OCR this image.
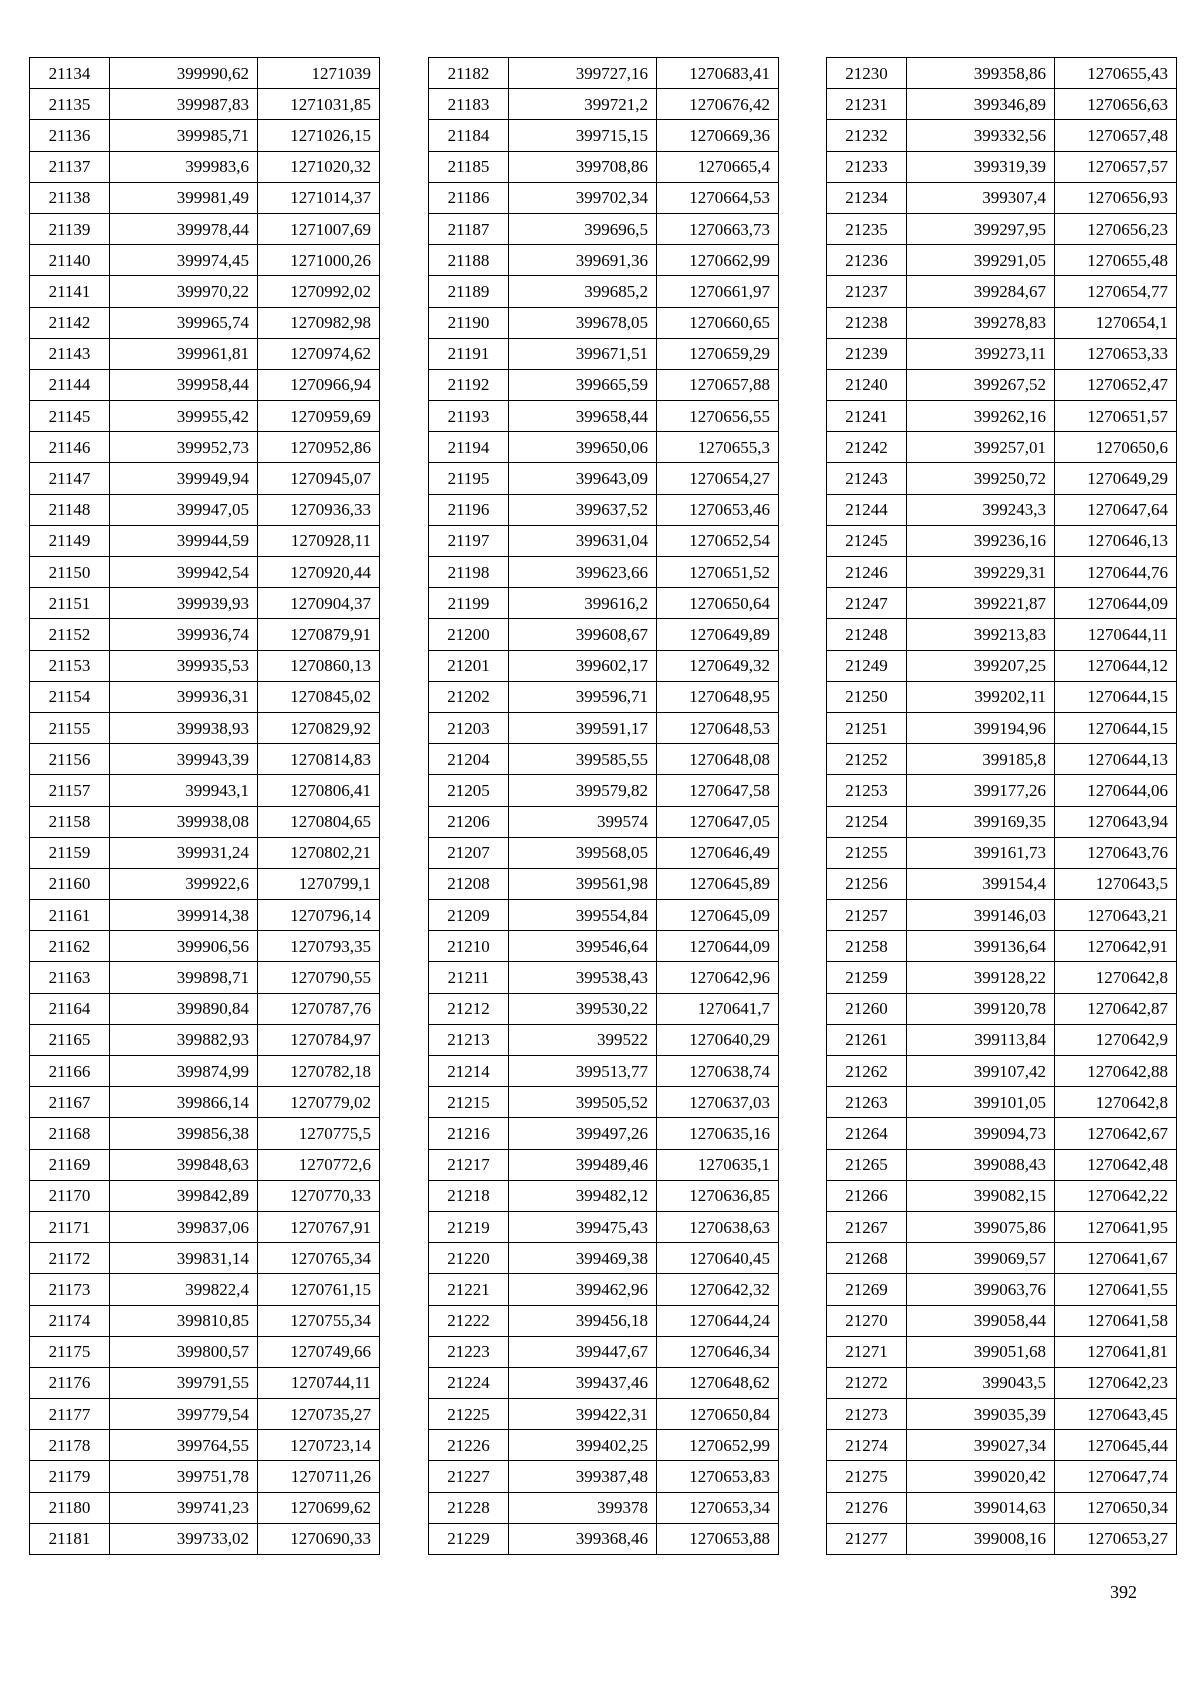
21134	399990,62	1271039
21135	399987,83	1271031,85
21136	399985,71	1271026,15
21137	399983,6	1271020,32
21138	399981,49	1271014,37
21139	399978,44	1271007,69
21140	399974,45	1271000,26
21141	399970,22	1270992,02
21142	399965,74	1270982,98
21143	399961,81	1270974,62
21144	399958,44	1270966,94
21145	399955,42	1270959,69
21146	399952,73	1270952,86
21147	399949,94	1270945,07
21148	399947,05	1270936,33
21149	399944,59	1270928,11
21150	399942,54	1270920,44
21151	399939,93	1270904,37
21152	399936,74	1270879,91
21153	399935,53	1270860,13
21154	399936,31	1270845,02
21155	399938,93	1270829,92
21156	399943,39	1270814,83
21157	399943,1	1270806,41
21158	399938,08	1270804,65
21159	399931,24	1270802,21
21160	399922,6	1270799,1
21161	399914,38	1270796,14
21162	399906,56	1270793,35
21163	399898,71	1270790,55
21164	399890,84	1270787,76
21165	399882,93	1270784,97
21166	399874,99	1270782,18
21167	399866,14	1270779,02
21168	399856,38	1270775,5
21169	399848,63	1270772,6
21170	399842,89	1270770,33
21171	399837,06	1270767,91
21172	399831,14	1270765,34
21173	399822,4	1270761,15
21174	399810,85	1270755,34
21175	399800,57	1270749,66
21176	399791,55	1270744,11
21177	399779,54	1270735,27
21178	399764,55	1270723,14
21179	399751,78	1270711,26
21180	399741,23	1270699,62
21181	399733,02	1270690,33
21182	399727,16	1270683,41
21183	399721,2	1270676,42
21184	399715,15	1270669,36
21185	399708,86	1270665,4
21186	399702,34	1270664,53
21187	399696,5	1270663,73
21188	399691,36	1270662,99
21189	399685,2	1270661,97
21190	399678,05	1270660,65
21191	399671,51	1270659,29
21192	399665,59	1270657,88
21193	399658,44	1270656,55
21194	399650,06	1270655,3
21195	399643,09	1270654,27
21196	399637,52	1270653,46
21197	399631,04	1270652,54
21198	399623,66	1270651,52
21199	399616,2	1270650,64
21200	399608,67	1270649,89
21201	399602,17	1270649,32
21202	399596,71	1270648,95
21203	399591,17	1270648,53
21204	399585,55	1270648,08
21205	399579,82	1270647,58
21206	399574	1270647,05
21207	399568,05	1270646,49
21208	399561,98	1270645,89
21209	399554,84	1270645,09
21210	399546,64	1270644,09
21211	399538,43	1270642,96
21212	399530,22	1270641,7
21213	399522	1270640,29
21214	399513,77	1270638,74
21215	399505,52	1270637,03
21216	399497,26	1270635,16
21217	399489,46	1270635,1
21218	399482,12	1270636,85
21219	399475,43	1270638,63
21220	399469,38	1270640,45
21221	399462,96	1270642,32
21222	399456,18	1270644,24
21223	399447,67	1270646,34
21224	399437,46	1270648,62
21225	399422,31	1270650,84
21226	399402,25	1270652,99
21227	399387,48	1270653,83
21228	399378	1270653,34
21229	399368,46	1270653,88
21230	399358,86	1270655,43
21231	399346,89	1270656,63
21232	399332,56	1270657,48
21233	399319,39	1270657,57
21234	399307,4	1270656,93
21235	399297,95	1270656,23
21236	399291,05	1270655,48
21237	399284,67	1270654,77
21238	399278,83	1270654,1
21239	399273,11	1270653,33
21240	399267,52	1270652,47
21241	399262,16	1270651,57
21242	399257,01	1270650,6
21243	399250,72	1270649,29
21244	399243,3	1270647,64
21245	399236,16	1270646,13
21246	399229,31	1270644,76
21247	399221,87	1270644,09
21248	399213,83	1270644,11
21249	399207,25	1270644,12
21250	399202,11	1270644,15
21251	399194,96	1270644,15
21252	399185,8	1270644,13
21253	399177,26	1270644,06
21254	399169,35	1270643,94
21255	399161,73	1270643,76
21256	399154,4	1270643,5
21257	399146,03	1270643,21
21258	399136,64	1270642,91
21259	399128,22	1270642,8
21260	399120,78	1270642,87
21261	399113,84	1270642,9
21262	399107,42	1270642,88
21263	399101,05	1270642,8
21264	399094,73	1270642,67
21265	399088,43	1270642,48
21266	399082,15	1270642,22
21267	399075,86	1270641,95
21268	399069,57	1270641,67
21269	399063,76	1270641,55
21270	399058,44	1270641,58
21271	399051,68	1270641,81
21272	399043,5	1270642,23
21273	399035,39	1270643,45
21274	399027,34	1270645,44
21275	399020,42	1270647,74
21276	399014,63	1270650,34
21277	399008,16	1270653,27
392
